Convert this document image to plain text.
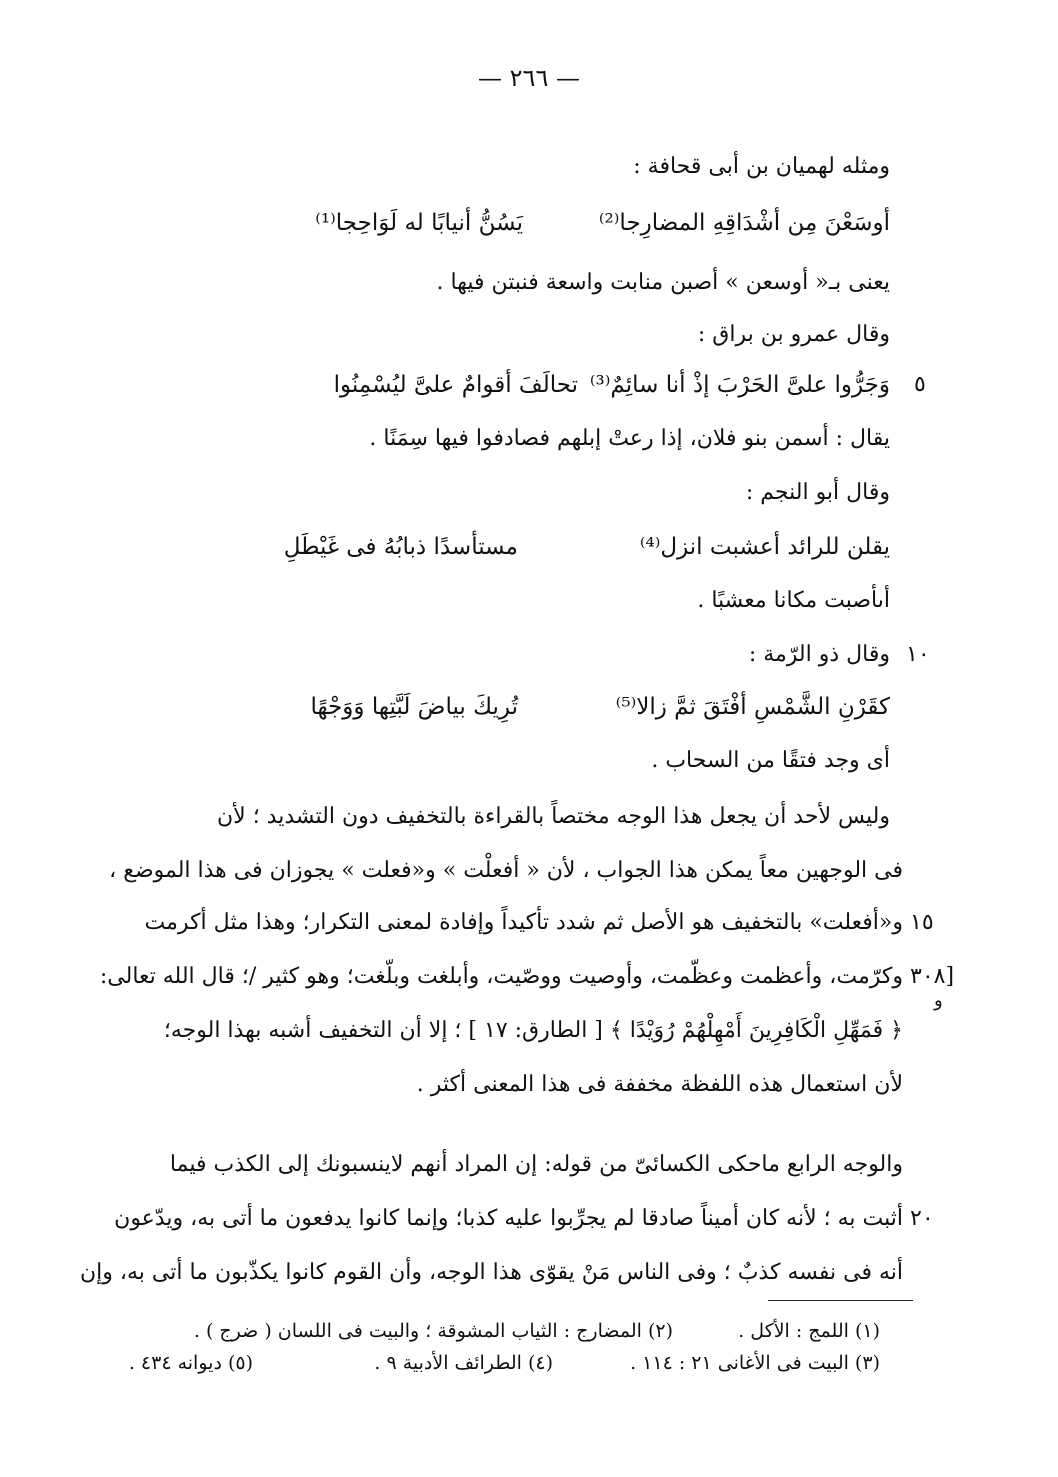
— ٢٦٦ —
ومثله لهميان بن أبى قحافة :
يَسُنُّ أنيابًا له لَوَاحِجا⁽¹⁾	أوسَعْنَ مِن أشْدَاقِهِ المضارِجا⁽²⁾
يعنى بـ« أوسعن » أصبن منابت واسعة فنبتن فيها .
وقال عمرو بن براق :
تحالَفَ أقوامٌ علىَّ ليُسْمِنُوا وَجَرُّوا علىَّ الحَرْبَ إذْ أنا سائِمٌ⁽³⁾
يقال : أسمن بنو فلان، إذا رعتْ إبلهم فصادفوا فيها سِمَنًا .
وقال أبو النجم :
مستأسدًا ذبابُهُ فى غَيْطَلِ	يقلن للرائد أعشبت انزل⁽⁴⁾
أىأصبت مكانا معشبًا .
وقال ذو الرّمة :
تُرِيكَ بياضَ لَبَّتِها وَوَجْهًا	كقَرْنِ الشَّمْسِ أفْتَقَ ثمَّ زالا⁽⁵⁾
أى وجد فتقًا من السحاب .
وليس لأحد أن يجعل هذا الوجه مختصاً بالقراءة بالتخفيف دون التشديد ؛ لأن
فى الوجهين معاً يمكن هذا الجواب ، لأن « أفعلْت » و«فعلت » يجوزان فى هذا الموضع ،
و«أفعلت» بالتخفيف هو الأصل ثم شدد تأكيداً وإفادة لمعنى التكرار؛ وهذا مثل أكرمت
وكرّمت، وأعظمت وعظّمت، وأوصيت ووصّيت، وأبلغت وبلّغت؛ وهو كثير /؛ قال الله تعالى:
﴿ فَمَهِّلِ الْكَافِرِينَ أَمْهِلْهُمْ رُوَيْدًا ﴾ [ الطارق: ١٧ ] ؛ إلا أن التخفيف أشبه بهذا الوجه؛
لأن استعمال هذه اللفظة مخففة فى هذا المعنى أكثر .
والوجه الرابع ماحكى الكسائىّ من قوله: إن المراد أنهم لاينسبونك إلى الكذب فيما
أثبت به ؛ لأنه كان أميناً صادقا لم يجرِّبوا عليه كذبا؛ وإنما كانوا يدفعون ما أتى به، ويدّعون
أنه فى نفسه كذبٌ ؛ وفى الناس مَنْ يقوّى هذا الوجه، وأن القوم كانوا يكذّبون ما أتى به، وإن
٥
١٠
١٥
٢٠
[٣٠٨
و
(١) اللمج : الأكل .
(٢) المضارج : الثياب المشوقة ؛ والبيت فى اللسان ( ضرج ) .
(٣) البيت فى الأغانى ٢١ : ١١٤ .
(٤) الطرائف الأدبية ٩ .
(٥) ديوانه ٤٣٤ .
